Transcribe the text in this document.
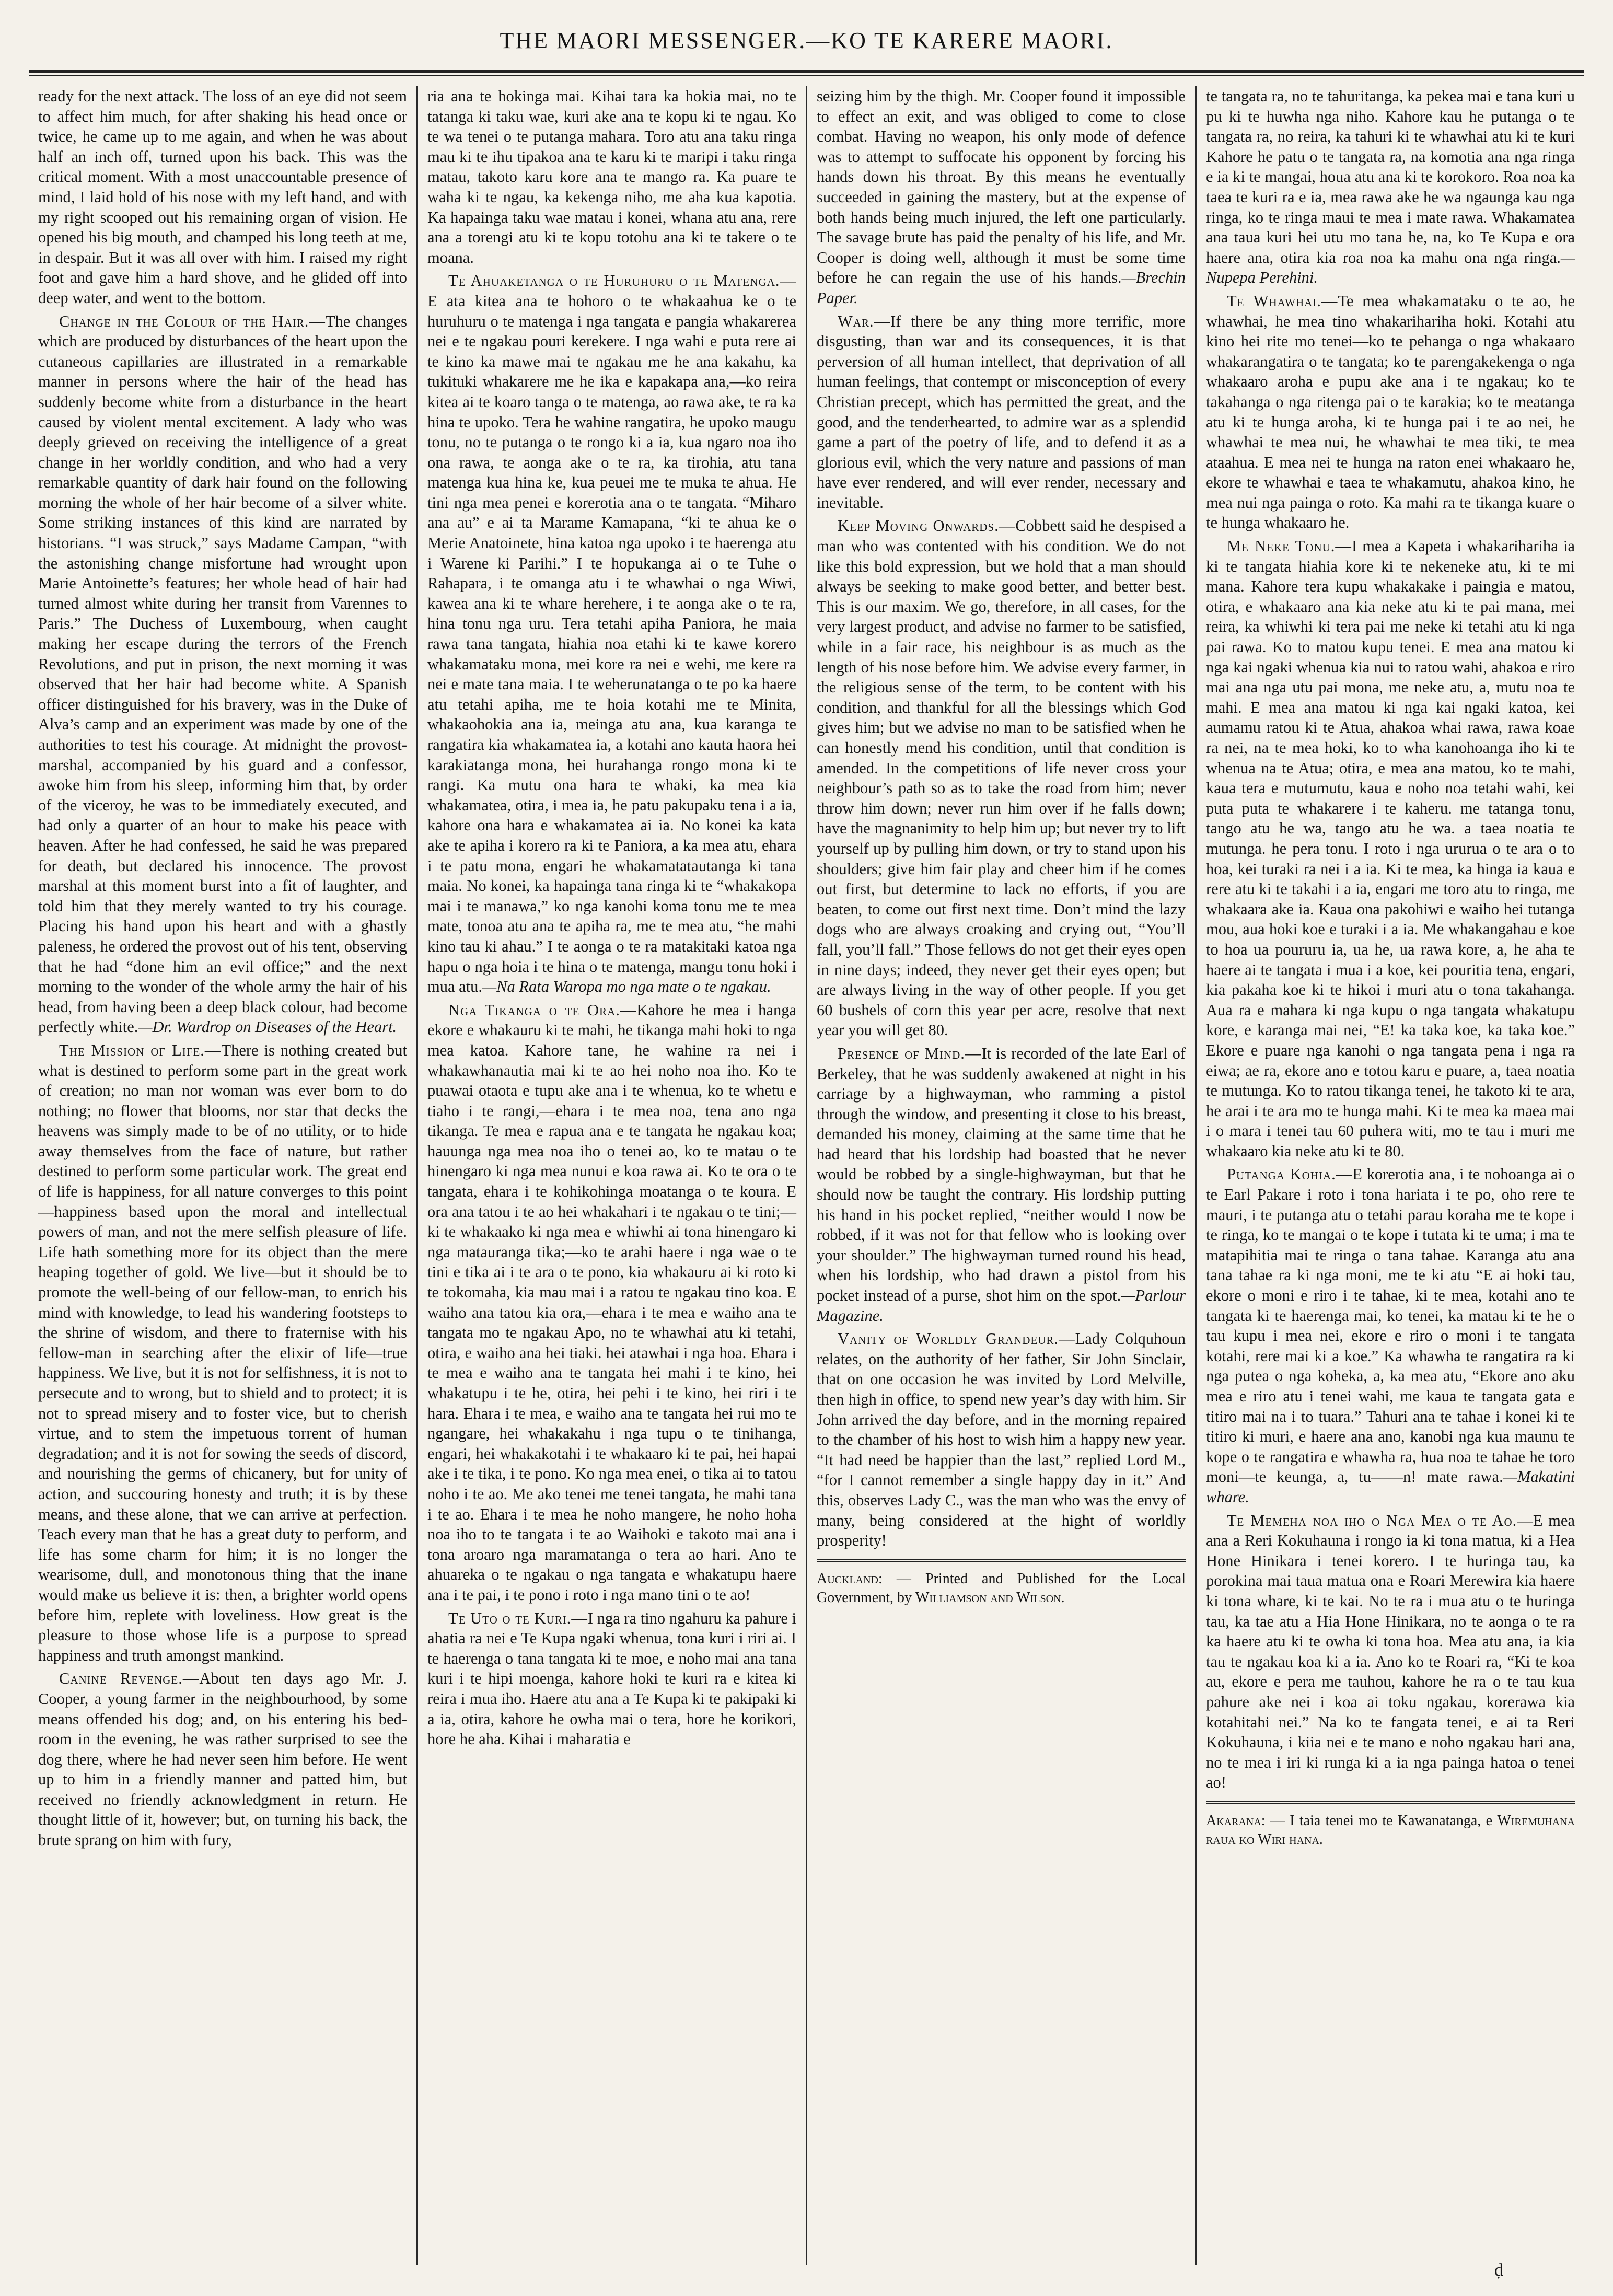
THE MAORI MESSENGER.—KO TE KARERE MAORI.

ready for the next attack. The loss of an eye did not seem to affect him much, for after shaking his head once or twice, he came up to me again, and when he was about half an inch off, turned upon his back. This was the critical moment. With a most unaccountable presence of mind, I laid hold of his nose with my left hand, and with my right scooped out his remaining organ of vision. He opened his big mouth, and champed his long teeth at me, in despair. But it was all over with him. I raised my right foot and gave him a hard shove, and he glided off into deep water, and went to the bottom.

Change in the Colour of the Hair.—The changes which are produced by disturbances of the heart upon the cutaneous capillaries are illustrated in a remarkable manner in persons where the hair of the head has suddenly become white from a disturbance in the heart caused by violent mental excitement. A lady who was deeply grieved on receiving the intelligence of a great change in her worldly condition, and who had a very remarkable quantity of dark hair found on the following morning the whole of her hair become of a silver white. Some striking instances of this kind are narrated by historians. “I was struck,” says Madame Campan, “with the astonishing change misfortune had wrought upon Marie Antoinette’s features; her whole head of hair had turned almost white during her transit from Varennes to Paris.” The Duchess of Luxembourg, when caught making her escape during the terrors of the French Revolutions, and put in prison, the next morning it was observed that her hair had become white. A Spanish officer distinguished for his bravery, was in the Duke of Alva’s camp and an experiment was made by one of the authorities to test his courage. At midnight the provost-marshal, accompanied by his guard and a confessor, awoke him from his sleep, informing him that, by order of the viceroy, he was to be immediately executed, and had only a quarter of an hour to make his peace with heaven. After he had confessed, he said he was prepared for death, but declared his innocence. The provost marshal at this moment burst into a fit of laughter, and told him that they merely wanted to try his courage. Placing his hand upon his heart and with a ghastly paleness, he ordered the provost out of his tent, observing that he had “done him an evil office;” and the next morning to the wonder of the whole army the hair of his head, from having been a deep black colour, had become perfectly white.—Dr. Wardrop on Diseases of the Heart.

The Mission of Life.—There is nothing created but what is destined to perform some part in the great work of creation; no man nor woman was ever born to do nothing; no flower that blooms, nor star that decks the heavens was simply made to be of no utility, or to hide away themselves from the face of nature, but rather destined to perform some particular work. The great end of life is happiness, for all nature converges to this point—happiness based upon the moral and intellectual powers of man, and not the mere selfish pleasure of life. Life hath something more for its object than the mere heaping together of gold. We live—but it should be to promote the well-being of our fellow-man, to enrich his mind with knowledge, to lead his wandering footsteps to the shrine of wisdom, and there to fraternise with his fellow-man in searching after the elixir of life—true happiness. We live, but it is not for selfishness, it is not to persecute and to wrong, but to shield and to protect; it is not to spread misery and to foster vice, but to cherish virtue, and to stem the impetuous torrent of human degradation; and it is not for sowing the seeds of discord, and nourishing the germs of chicanery, but for unity of action, and succouring honesty and truth; it is by these means, and these alone, that we can arrive at perfection. Teach every man that he has a great duty to perform, and life has some charm for him; it is no longer the wearisome, dull, and monotonous thing that the inane would make us believe it is: then, a brighter world opens before him, replete with loveliness. How great is the pleasure to those whose life is a purpose to spread happiness and truth amongst mankind.

Canine Revenge.—About ten days ago Mr. J. Cooper, a young farmer in the neighbourhood, by some means offended his dog; and, on his entering his bed-room in the evening, he was rather surprised to see the dog there, where he had never seen him before. He went up to him in a friendly manner and patted him, but received no friendly acknowledgment in return. He thought little of it, however; but, on turning his back, the brute sprang on him with fury,

ria ana te hokinga mai. Kihai tara ka hokia mai, no te tatanga ki taku wae, kuri ake ana te kopu ki te ngau. Ko te wa tenei o te putanga mahara. Toro atu ana taku ringa mau ki te ihu tipakoa ana te karu ki te maripi i taku ringa matau, takoto karu kore ana te mango ra. Ka puare te waha ki te ngau, ka kekenga niho, me aha kua kapotia. Ka hapainga taku wae matau i konei, whana atu ana, rere ana a torengi atu ki te kopu totohu ana ki te takere o te moana.

Te Ahuaketanga o te Huruhuru o te Matenga.—E ata kitea ana te hohoro o te whakaahua ke o te huruhuru o te matenga i nga tangata e pangia whakarerea nei e te ngakau pouri kerekere. I nga wahi e puta rere ai te kino ka mawe mai te ngakau me he ana kakahu, ka tukituki whakarere me he ika e kapakapa ana,—ko reira kitea ai te koaro tanga o te matenga, ao rawa ake, te ra ka hina te upoko. Tera he wahine rangatira, he upoko maugu tonu, no te putanga o te rongo ki a ia, kua ngaro noa iho ona rawa, te aonga ake o te ra, ka tirohia, atu tana matenga kua hina ke, kua peuei me te muka te ahua. He tini nga mea penei e korerotia ana o te tangata. “Miharo ana au” e ai ta Marame Kamapana, “ki te ahua ke o Merie Anatoinete, hina katoa nga upoko i te haerenga atu i Warene ki Parihi.” I te hopukanga ai o te Tuhe o Rahapara, i te omanga atu i te whawhai o nga Wiwi, kawea ana ki te whare herehere, i te aonga ake o te ra, hina tonu nga uru. Tera tetahi apiha Paniora, he maia rawa tana tangata, hiahia noa etahi ki te kawe korero whakamataku mona, mei kore ra nei e wehi, me kere ra nei e mate tana maia. I te weherunatanga o te po ka haere atu tetahi apiha, me te hoia kotahi me te Minita, whakaohokia ana ia, meinga atu ana, kua karanga te rangatira kia whakamatea ia, a kotahi ano kauta haora hei karakiatanga mona, hei hurahanga rongo mona ki te rangi. Ka mutu ona hara te whaki, ka mea kia whakamatea, otira, i mea ia, he patu pakupaku tena i a ia, kahore ona hara e whakamatea ai ia. No konei ka kata ake te apiha i korero ra ki te Paniora, a ka mea atu, ehara i te patu mona, engari he whakamatatautanga ki tana maia. No konei, ka hapainga tana ringa ki te “whakakopa mai i te manawa,” ko nga kanohi koma tonu me te mea mate, tonoa atu ana te apiha ra, me te mea atu, “he mahi kino tau ki ahau.” I te aonga o te ra matakitaki katoa nga hapu o nga hoia i te hina o te matenga, mangu tonu hoki i mua atu.—Na Rata Waropa mo nga mate o te ngakau.

Nga Tikanga o te Ora.—Kahore he mea i hanga ekore e whakauru ki te mahi, he tikanga mahi hoki to nga mea katoa. Kahore tane, he wahine ra nei i whakawhanautia mai ki te ao hei noho noa iho. Ko te puawai otaota e tupu ake ana i te whenua, ko te whetu e tiaho i te rangi,—ehara i te mea noa, tena ano nga tikanga. Te mea e rapua ana e te tangata he ngakau koa; hauunga nga mea noa iho o tenei ao, ko te matau o te hinengaro ki nga mea nunui e koa rawa ai. Ko te ora o te tangata, ehara i te kohikohinga moatanga o te koura. E ora ana tatou i te ao hei whakahari i te ngakau o te tini;—ki te whakaako ki nga mea e whiwhi ai tona hinengaro ki nga matauranga tika;—ko te arahi haere i nga wae o te tini e tika ai i te ara o te pono, kia whakauru ai ki roto ki te tokomaha, kia mau mai i a ratou te ngakau tino koa. E waiho ana tatou kia ora,—ehara i te mea e waiho ana te tangata mo te ngakau Apo, no te whawhai atu ki tetahi, otira, e waiho ana hei tiaki. hei atawhai i nga hoa. Ehara i te mea e waiho ana te tangata hei mahi i te kino, hei whakatupu i te he, otira, hei pehi i te kino, hei riri i te hara. Ehara i te mea, e waiho ana te tangata hei rui mo te ngangare, hei whakakahu i nga tupu o te tinihanga, engari, hei whakakotahi i te whakaaro ki te pai, hei hapai ake i te tika, i te pono. Ko nga mea enei, o tika ai to tatou noho i te ao. Me ako tenei me tenei tangata, he mahi tana i te ao. Ehara i te mea he noho mangere, he noho hoha noa iho to te tangata i te ao Waihoki e takoto mai ana i tona aroaro nga maramatanga o tera ao hari. Ano te ahuareka o te ngakau o nga tangata e whakatupu haere ana i te pai, i te pono i roto i nga mano tini o te ao!

Te Uto o te Kuri.—I nga ra tino ngahuru ka pahure i ahatia ra nei e Te Kupa ngaki whenua, tona kuri i riri ai. I te haerenga o tana tangata ki te moe, e noho mai ana tana kuri i te hipi moenga, kahore hoki te kuri ra e kitea ki reira i mua iho. Haere atu ana a Te Kupa ki te pakipaki ki a ia, otira, kahore he owha mai o tera, hore he korikori, hore he aha. Kihai i maharatia e

seizing him by the thigh. Mr. Cooper found it impossible to effect an exit, and was obliged to come to close combat. Having no weapon, his only mode of defence was to attempt to suffocate his opponent by forcing his hands down his throat. By this means he eventually succeeded in gaining the mastery, but at the expense of both hands being much injured, the left one particularly. The savage brute has paid the penalty of his life, and Mr. Cooper is doing well, although it must be some time before he can regain the use of his hands.—Brechin Paper.

War.—If there be any thing more terrific, more disgusting, than war and its consequences, it is that perversion of all human intellect, that deprivation of all human feelings, that contempt or misconception of every Christian precept, which has permitted the great, and the good, and the tenderhearted, to admire war as a splendid game a part of the poetry of life, and to defend it as a glorious evil, which the very nature and passions of man have ever rendered, and will ever render, necessary and inevitable.

Keep Moving Onwards.—Cobbett said he despised a man who was contented with his condition. We do not like this bold expression, but we hold that a man should always be seeking to make good better, and better best. This is our maxim. We go, therefore, in all cases, for the very largest product, and advise no farmer to be satisfied, while in a fair race, his neighbour is as much as the length of his nose before him. We advise every farmer, in the religious sense of the term, to be content with his condition, and thankful for all the blessings which God gives him; but we advise no man to be satisfied when he can honestly mend his condition, until that condition is amended. In the competitions of life never cross your neighbour’s path so as to take the road from him; never throw him down; never run him over if he falls down; have the magnanimity to help him up; but never try to lift yourself up by pulling him down, or try to stand upon his shoulders; give him fair play and cheer him if he comes out first, but determine to lack no efforts, if you are beaten, to come out first next time. Don’t mind the lazy dogs who are always croaking and crying out, “You’ll fall, you’ll fall.” Those fellows do not get their eyes open in nine days; indeed, they never get their eyes open; but are always living in the way of other people. If you get 60 bushels of corn this year per acre, resolve that next year you will get 80.

Presence of Mind.—It is recorded of the late Earl of Berkeley, that he was suddenly awakened at night in his carriage by a highwayman, who ramming a pistol through the window, and presenting it close to his breast, demanded his money, claiming at the same time that he had heard that his lordship had boasted that he never would be robbed by a single-highwayman, but that he should now be taught the contrary. His lordship putting his hand in his pocket replied, “neither would I now be robbed, if it was not for that fellow who is looking over your shoulder.” The highwayman turned round his head, when his lordship, who had drawn a pistol from his pocket instead of a purse, shot him on the spot.—Parlour Magazine.

Vanity of Worldly Grandeur.—Lady Colquhoun relates, on the authority of her father, Sir John Sinclair, that on one occasion he was invited by Lord Melville, then high in office, to spend new year’s day with him. Sir John arrived the day before, and in the morning repaired to the chamber of his host to wish him a happy new year. “It had need be happier than the last,” replied Lord M., “for I cannot remember a single happy day in it.” And this, observes Lady C., was the man who was the envy of many, being considered at the hight of worldly prosperity!

Auckland: — Printed and Published for the Local Government, by Williamson and Wilson.

te tangata ra, no te tahuritanga, ka pekea mai e tana kuri u pu ki te huwha nga niho. Kahore kau he putanga o te tangata ra, no reira, ka tahuri ki te whawhai atu ki te kuri Kahore he patu o te tangata ra, na komotia ana nga ringa e ia ki te mangai, houa atu ana ki te korokoro. Roa noa ka taea te kuri ra e ia, mea rawa ake he wa ngaunga kau nga ringa, ko te ringa maui te mea i mate rawa. Whakamatea ana taua kuri hei utu mo tana he, na, ko Te Kupa e ora haere ana, otira kia roa noa ka mahu ona nga ringa.—Nupepa Perehini.

Te Whawhai.—Te mea whakamataku o te ao, he whawhai, he mea tino whakarihariha hoki. Kotahi atu kino hei rite mo tenei—ko te pehanga o nga whakaaro whakarangatira o te tangata; ko te parengakekenga o nga whakaaro aroha e pupu ake ana i te ngakau; ko te takahanga o nga ritenga pai o te karakia; ko te meatanga atu ki te hunga aroha, ki te hunga pai i te ao nei, he whawhai te mea nui, he whawhai te mea tiki, te mea ataahua. E mea nei te hunga na raton enei whakaaro he, ekore te whawhai e taea te whakamutu, ahakoa kino, he mea nui nga painga o roto. Ka mahi ra te tikanga kuare o te hunga whakaaro he.

Me Neke Tonu.—I mea a Kapeta i whakarihariha ia ki te tangata hiahia kore ki te nekeneke atu, ki te mi mana. Kahore tera kupu whakakake i paingia e matou, otira, e whakaaro ana kia neke atu ki te pai mana, mei reira, ka whiwhi ki tera pai me neke ki tetahi atu ki nga pai rawa. Ko to matou kupu tenei. E mea ana matou ki nga kai ngaki whenua kia nui to ratou wahi, ahakoa e riro mai ana nga utu pai mona, me neke atu, a, mutu noa te mahi. E mea ana matou ki nga kai ngaki katoa, kei aumamu ratou ki te Atua, ahakoa whai rawa, rawa koae ra nei, na te mea hoki, ko to wha kanohoanga iho ki te whenua na te Atua; otira, e mea ana matou, ko te mahi, kaua tera e mutumutu, kaua e noho noa tetahi wahi, kei puta puta te whakarere i te kaheru. me tatanga tonu, tango atu he wa, tango atu he wa. a taea noatia te mutunga. he pera tonu. I roto i nga ururua o te ara o to hoa, kei turaki ra nei i a ia. Ki te mea, ka hinga ia kaua e rere atu ki te takahi i a ia, engari me toro atu to ringa, me whakaara ake ia. Kaua ona pakohiwi e waiho hei tutanga mou, aua hoki koe e turaki i a ia. Me whakangahau e koe to hoa ua poururu ia, ua he, ua rawa kore, a, he aha te haere ai te tangata i mua i a koe, kei pouritia tena, engari, kia pakaha koe ki te hikoi i muri atu o tona takahanga. Aua ra e mahara ki nga kupu o nga tangata whakatupu kore, e karanga mai nei, “E! ka taka koe, ka taka koe.” Ekore e puare nga kanohi o nga tangata pena i nga ra eiwa; ae ra, ekore ano e totou karu e puare, a, taea noatia te mutunga. Ko to ratou tikanga tenei, he takoto ki te ara, he arai i te ara mo te hunga mahi. Ki te mea ka maea mai i o mara i tenei tau 60 puhera witi, mo te tau i muri me whakaaro kia neke atu ki te 80.

Putanga Kohia.—E korerotia ana, i te nohoanga ai o te Earl Pakare i roto i tona hariata i te po, oho rere te mauri, i te putanga atu o tetahi parau koraha me te kope i te ringa, ko te mangai o te kope i tutata ki te uma; i ma te matapihitia mai te ringa o tana tahae. Karanga atu ana tana tahae ra ki nga moni, me te ki atu “E ai hoki tau, ekore o moni e riro i te tahae, ki te mea, kotahi ano te tangata ki te haerenga mai, ko tenei, ka matau ki te he o tau kupu i mea nei, ekore e riro o moni i te tangata kotahi, rere mai ki a koe.” Ka whawha te rangatira ra ki nga putea o nga koheka, a, ka mea atu, “Ekore ano aku mea e riro atu i tenei wahi, me kaua te tangata gata e titiro mai na i to tuara.” Tahuri ana te tahae i konei ki te titiro ki muri, e haere ana ano, kanobi nga kua maunu te kope o te rangatira e whawha ra, hua noa te tahae he toro moni—te keunga, a, tu——n! mate rawa.—Makatini whare.

Te Memeha noa iho o Nga Mea o te Ao.—E mea ana a Reri Kokuhauna i rongo ia ki tona matua, ki a Hea Hone Hinikara i tenei korero. I te huringa tau, ka porokina mai taua matua ona e Roari Merewira kia haere ki tona whare, ki te kai. No te ra i mua atu o te huringa tau, ka tae atu a Hia Hone Hinikara, no te aonga o te ra ka haere atu ki te owha ki tona hoa. Mea atu ana, ia kia tau te ngakau koa ki a ia. Ano ko te Roari ra, “Ki te koa au, ekore e pera me tauhou, kahore he ra o te tau kua pahure ake nei i koa ai toku ngakau, korerawa kia kotahitahi nei.” Na ko te fangata tenei, e ai ta Reri Kokuhauna, i kiia nei e te mano e noho ngakau hari ana, no te mea i iri ki runga ki a ia nga painga hatoa o tenei ao!

Akarana: — I taia tenei mo te Kawanatanga, e Wiremuhana raua ko Wiri hana.
ḍ
